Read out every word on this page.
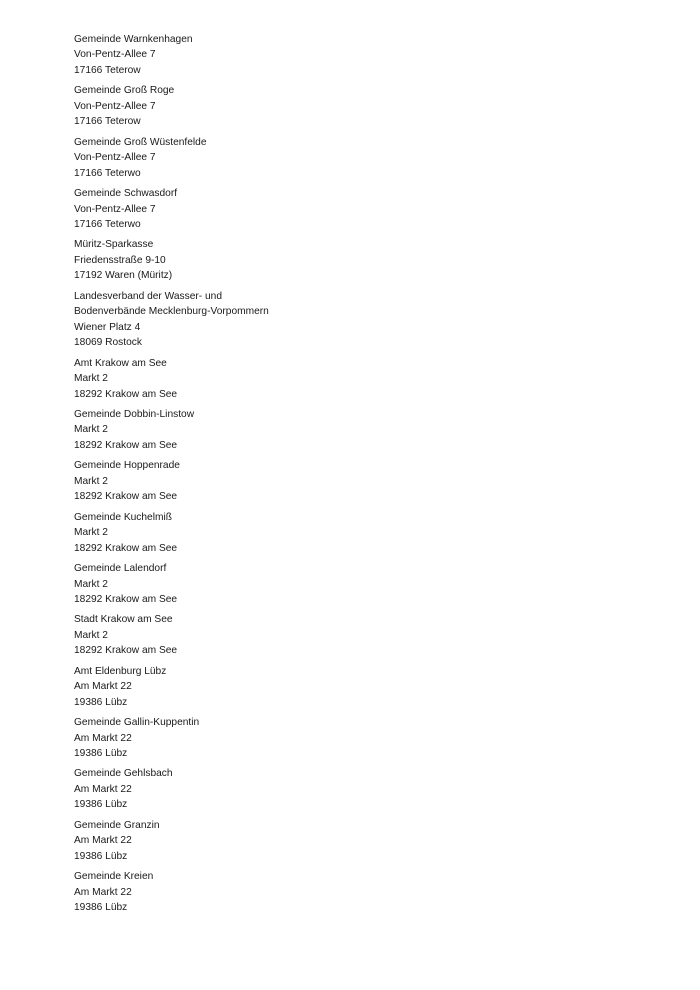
Gemeinde Warnkenhagen
Von-Pentz-Allee 7
17166 Teterow
Gemeinde Groß Roge
Von-Pentz-Allee 7
17166 Teterow
Gemeinde Groß Wüstenfelde
Von-Pentz-Allee 7
17166 Teterwo
Gemeinde Schwasdorf
Von-Pentz-Allee 7
17166 Teterwo
Müritz-Sparkasse
Friedensstraße 9-10
17192 Waren (Müritz)
Landesverband der Wasser- und
Bodenverbände Mecklenburg-Vorpommern
Wiener Platz 4
18069 Rostock
Amt Krakow am See
Markt 2
18292 Krakow am See
Gemeinde Dobbin-Linstow
Markt 2
18292 Krakow am See
Gemeinde Hoppenrade
Markt 2
18292 Krakow am See
Gemeinde Kuchelmiß
Markt 2
18292 Krakow am See
Gemeinde Lalendorf
Markt 2
18292 Krakow am See
Stadt Krakow am See
Markt 2
18292 Krakow am See
Amt Eldenburg Lübz
Am Markt 22
19386 Lübz
Gemeinde Gallin-Kuppentin
Am Markt 22
19386 Lübz
Gemeinde Gehlsbach
Am Markt 22
19386 Lübz
Gemeinde Granzin
Am Markt 22
19386 Lübz
Gemeinde Kreien
Am Markt 22
19386 Lübz
